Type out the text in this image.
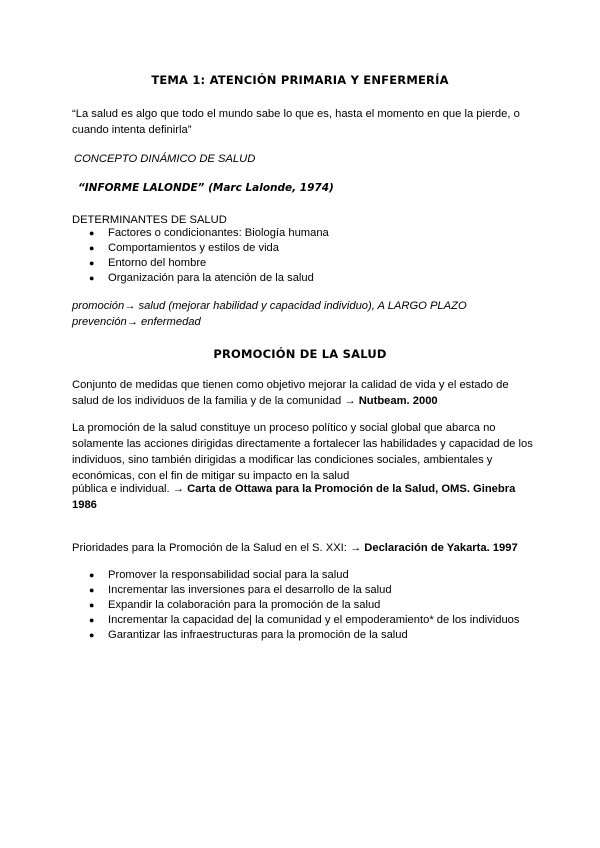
TEMA 1: ATENCIÓN PRIMARIA Y ENFERMERÍA
“La salud es algo que todo el mundo sabe lo que es, hasta el momento en que la pierde, o cuando intenta definirla”
CONCEPTO DINÁMICO DE SALUD
“INFORME LALONDE” (Marc Lalonde, 1974)
DETERMINANTES DE SALUD
● Factores o condicionantes: Biología humana
● Comportamientos y estilos de vida
● Entorno del hombre
● Organización para la atención de la salud
promoción→ salud (mejorar habilidad y capacidad individuo), A LARGO PLAZO
prevención→ enfermedad
PROMOCIÓN DE LA SALUD
Conjunto de medidas que tienen como objetivo mejorar la calidad de vida y el estado de salud de los individuos de la familia y de la comunidad → Nutbeam. 2000
La promoción de la salud constituye un proceso político y social global que abarca no solamente las acciones dirigidas directamente a fortalecer las habilidades y capacidad de los individuos, sino también dirigidas a modificar las condiciones sociales, ambientales y económicas, con el fin de mitigar su impacto en la salud
pública e individual. → Carta de Ottawa para la Promoción de la Salud, OMS. Ginebra 1986
Prioridades para la Promoción de la Salud en el S. XXI: → Declaración de Yakarta. 1997
● Promover la responsabilidad social para la salud
● Incrementar las inversiones para el desarrollo de la salud
● Expandir la colaboración para la promoción de la salud
● Incrementar la capacidad de| la comunidad y el empoderamiento* de los individuos
● Garantizar las infraestructuras para la promoción de la salud
